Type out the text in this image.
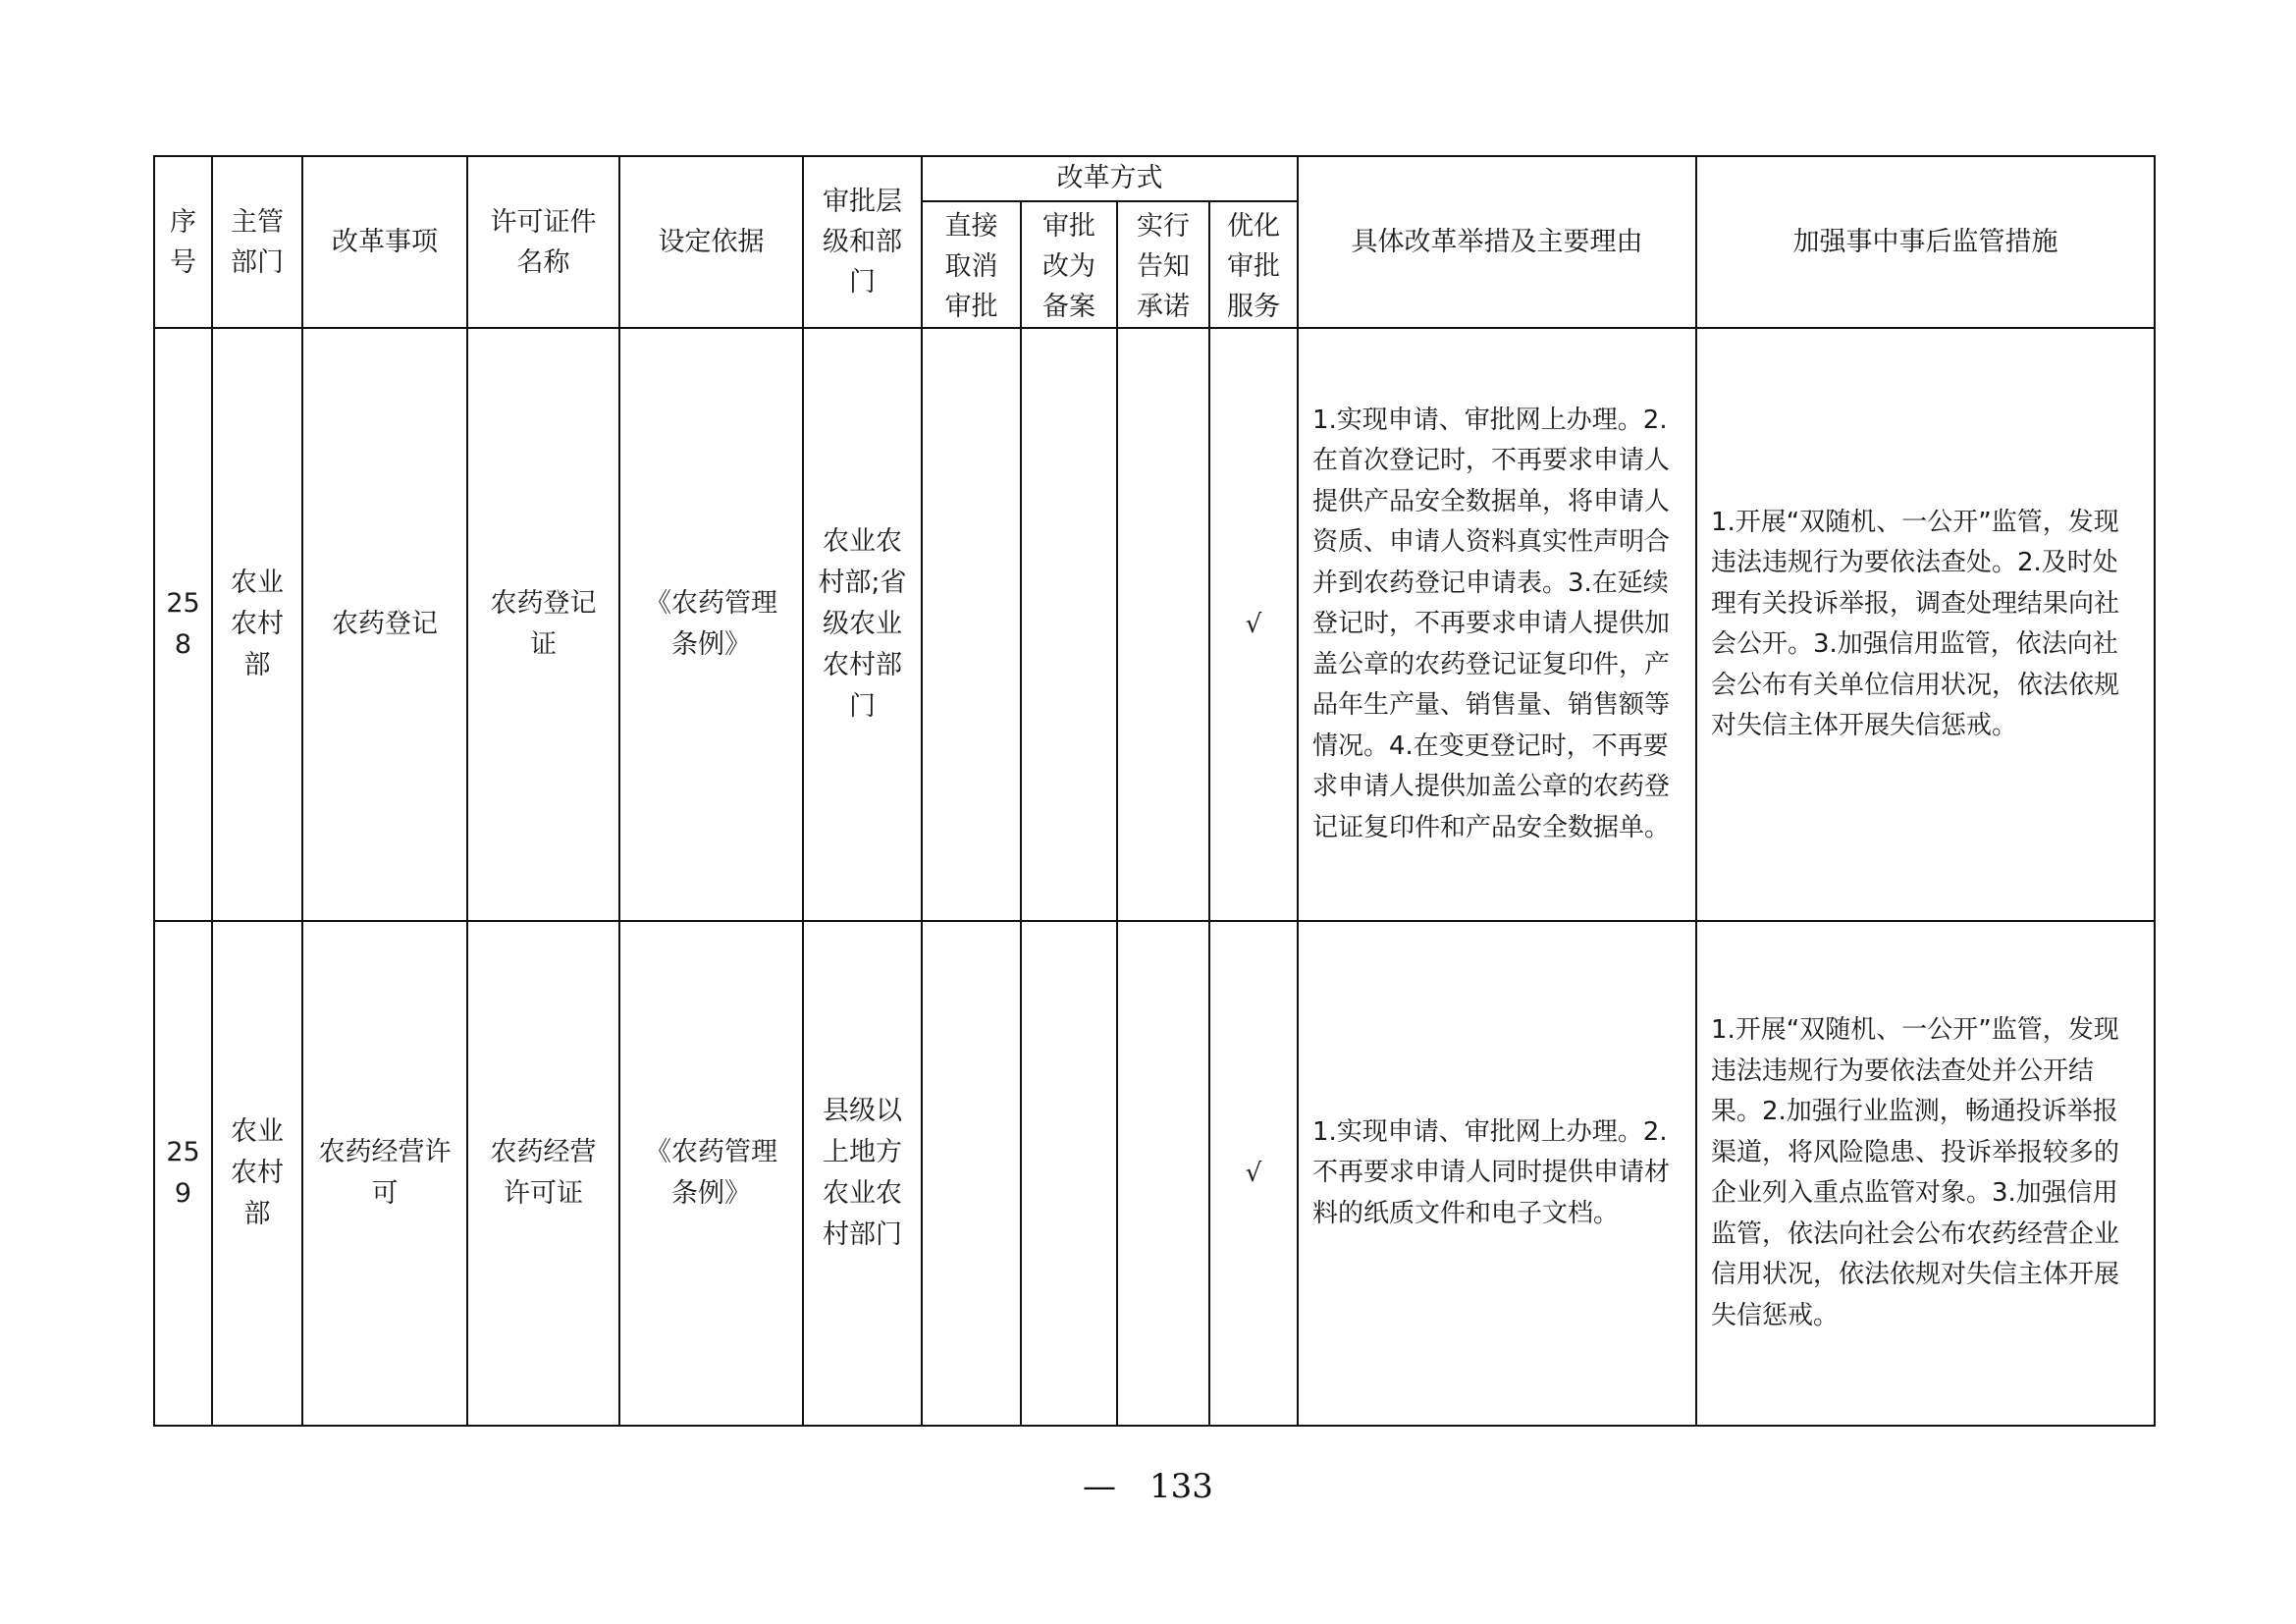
序号	主管部门	改革事项	许可证件名称	设定依据	审批层级和部门	改革方式				具体改革举措及主要理由	加强事中事后监管措施
						直接取消审批	审批改为备案	实行告知承诺	优化审批服务		
258	农业农村部	农药登记	农药登记证	《农药管理条例》	农业农村部;省级农业农村部门				√	1.实现申请、审批网上办理。2.在首次登记时，不再要求申请人提供产品安全数据单，将申请人资质、申请人资料真实性声明合并到农药登记申请表。3.在延续登记时，不再要求申请人提供加盖公章的农药登记证复印件，产品年生产量、销售量、销售额等情况。4.在变更登记时，不再要求申请人提供加盖公章的农药登记证复印件和产品安全数据单。	1.开展“双随机、一公开”监管，发现违法违规行为要依法查处。2.及时处理有关投诉举报，调查处理结果向社会公开。3.加强信用监管，依法向社会公布有关单位信用状况，依法依规对失信主体开展失信惩戒。
259	农业农村部	农药经营许可	农药经营许可证	《农药管理条例》	县级以上地方农业农村部门				√	1.实现申请、审批网上办理。2.不再要求申请人同时提供申请材料的纸质文件和电子文档。	1.开展“双随机、一公开”监管，发现违法违规行为要依法查处并公开结果。2.加强行业监测，畅通投诉举报渠道，将风险隐患、投诉举报较多的企业列入重点监管对象。3.加强信用监管，依法向社会公布农药经营企业信用状况，依法依规对失信主体开展失信惩戒。
— 133
